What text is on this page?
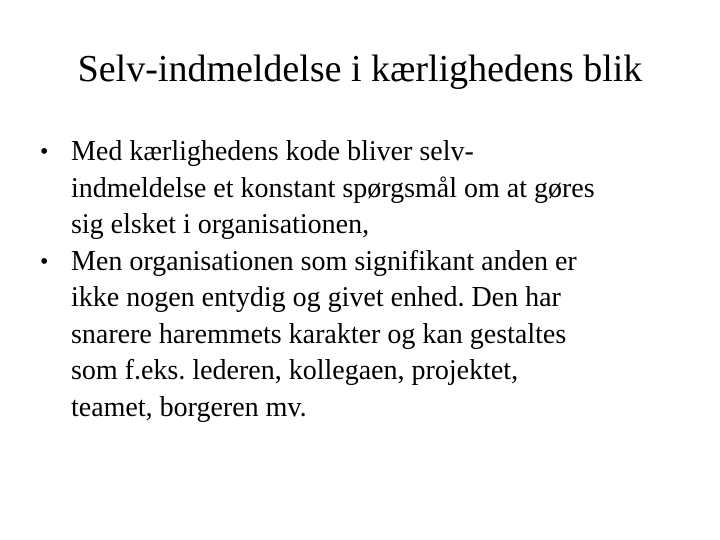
Selv-indmeldelse i kærlighedens blik
• Med kærlighedens kode bliver selv-
indmeldelse et konstant spørgsmål om at gøres
sig elsket i organisationen,
• Men organisationen som signifikant anden er
ikke nogen entydig og givet enhed. Den har
snarere haremmets karakter og kan gestaltes
som f.eks. lederen, kollegaen, projektet,
teamet, borgeren mv.
